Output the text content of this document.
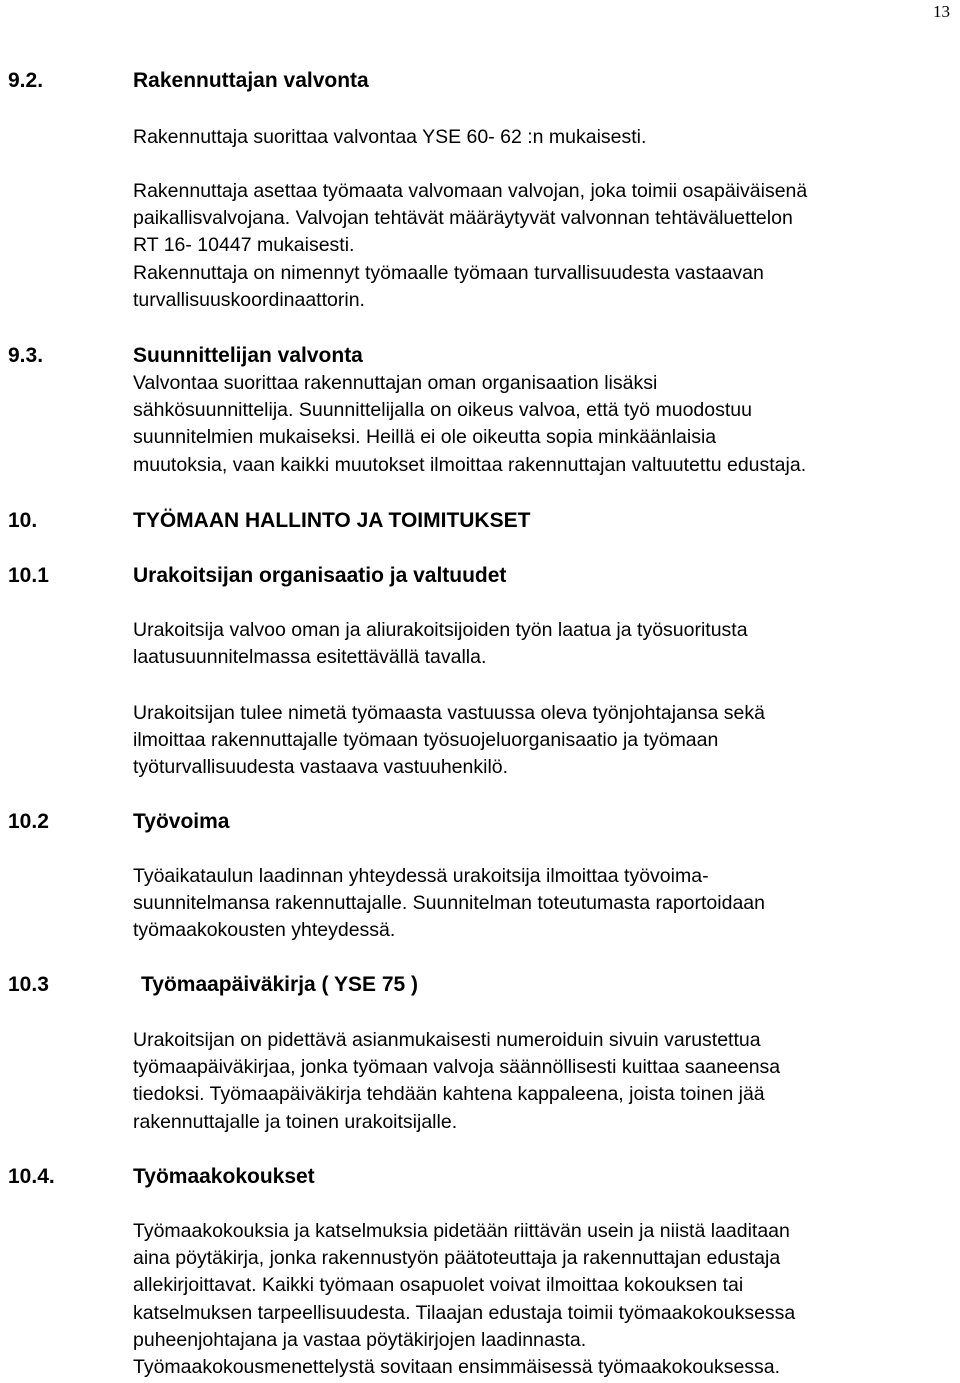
13
9.2.	Rakennuttajan valvonta
Rakennuttaja suorittaa valvontaa YSE 60- 62 :n mukaisesti.
Rakennuttaja asettaa työmaata valvomaan valvojan, joka toimii osapäiväisenä
paikallisvalvojana. Valvojan tehtävät määräytyvät valvonnan tehtäväluettelon
RT 16- 10447 mukaisesti.
Rakennuttaja on nimennyt työmaalle työmaan turvallisuudesta vastaavan
turvallisuuskoordinaattorin.
9.3.	Suunnittelijan valvonta
Valvontaa suorittaa rakennuttajan oman organisaation lisäksi
sähkösuunnittelija. Suunnittelijalla on oikeus valvoa, että työ muodostuu
suunnitelmien mukaiseksi. Heillä ei ole oikeutta sopia minkäänlaisia
muutoksia, vaan kaikki muutokset ilmoittaa rakennuttajan valtuutettu edustaja.
10.	TYÖMAAN HALLINTO JA TOIMITUKSET
10.1	Urakoitsijan organisaatio ja valtuudet
Urakoitsija valvoo oman ja aliurakoitsijoiden työn laatua ja työsuoritusta
laatusuunnitelmassa esitettävällä tavalla.
Urakoitsijan tulee nimetä työmaasta vastuussa oleva työnjohtajansa sekä
ilmoittaa rakennuttajalle työmaan työsuojeluorganisaatio ja työmaan
työturvallisuudesta vastaava vastuuhenkilö.
10.2	Työvoima
Työaikataulun laadinnan yhteydessä urakoitsija ilmoittaa työvoima-
suunnitelmansa rakennuttajalle. Suunnitelman toteutumasta raportoidaan
työmaakokousten yhteydessä.
10.3	Työmaapäiväkirja ( YSE 75 )
Urakoitsijan on pidettävä asianmukaisesti numeroiduin sivuin varustettua
työmaapäiväkirjaa, jonka työmaan valvoja säännöllisesti kuittaa saaneensa
tiedoksi. Työmaapäiväkirja tehdään kahtena kappaleena, joista toinen jää
rakennuttajalle ja toinen urakoitsijalle.
10.4.	Työmaakokoukset
Työmaakokouksia ja katselmuksia pidetään riittävän usein ja niistä laaditaan
aina pöytäkirja, jonka rakennustyön päätoteuttaja ja rakennuttajan edustaja
allekirjoittavat. Kaikki työmaan osapuolet voivat ilmoittaa kokouksen tai
katselmuksen tarpeellisuudesta. Tilaajan edustaja toimii työmaakokouksessa
puheenjohtajana ja vastaa pöytäkirjojen laadinnasta.
Työmaakokousmenettelystä sovitaan ensimmäisessä työmaakokouksessa.
